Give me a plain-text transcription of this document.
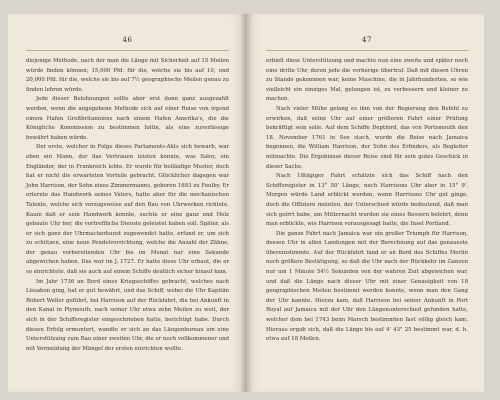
46

diejenige Methode, nach der man die Länge mit Sicherheit auf 15 Meilen würde finden können; 15,000 Pfd. für die, welche sie bis auf 10, und 20,000 Pfd. für die, welche sie bis auf 7½ geographische Meilen genau zu finden lehren würde.

Jede dieser Belohnungen sollte aber erst dann ganz ausgezahlt werden, wenn die angegebene Methode sich auf einer Reise von irgend einem Hafen Großbritanniens nach einem Hafen Amerika's, die die Königliche Kommission zu bestimmen hätte, als eine zuverlässige bewährt haben würde.

Der erste, welcher in Folge dieses Parlaments-Akts sich bewarb, war eben ein Mann, der das Vertrauen leisten konnte, was Saloy, ein Engländer, der in Frankreich lebte. Er wurde für beiläufige Muster, doch hat er nicht die erwarteten Vorteile gebracht. Glücklicher dagegen war John Harrison, der Sohn eines Zimmermanns, geboren 1693 zu Foulby. Er erlernte das Handwerk seines Vaters, hatte aber für die mechanischen Talente, welche sich vorzugsweise auf den Bau von Uhrwerken richtete. Kaum daß er sein Handwerk konnte, suchte er eine ganz und Holz gebaute Uhr her, die vortreffliche Dienste geleistet haben soll. Später, als er sich ganz der Uhrmacherkunst zugewendet hatte, erfand er, um sich zu schützen, eine neue Pendelvorrichtung, welche die Anzahl der Zähne, der genau vorbereitenden Uhr bis im Monat nur eine Sekunde abgewichen haben. Das war im J. 1727. Er hatte diese Uhr erbaut, die er so einrichtete, daß sie auch auf einem Schiffe deutlich sicher hinauf kam.

Im Jahr 1736 an Bord eines Kriegsschiffes gebracht, welches nach Lissabon ging, hat er gut bewährt, und das Schiff, wobei die Uhr Kapitän Robert Weller geführt, bei Harrison auf der Rückfahrt, die bei Ankunft in den Kanal in Plymouth, nach seiner Uhr etwa zehn Meilen zu weit, der sich in der Schiffsregister eingeschrieben hatte, berichtigt habe. Durch diesen Erfolg ermuntert, wandte er sich an das Längenbureau um eine Unterstützung zum Bau einer zweiten Uhr, die er noch vollkommener und mit Vermeidung der Mängel der ersten einrichten wollte.

47

erhielt diese Unterstützung und machte nun eine zweite und später noch eine dritte Uhr, deren jede die vorherige übertraf. Daß mit diesen Uhren zu Stande gekommen war, keine Maschine, die in Jahrhunderten, so wie vielleicht ein einziges Mal, gelungen ist, zu verbessern und kleiner zu machen.

Nach vieler Mühe gelang es ihm von der Regierung den Befehl zu erwirken, daß seine Uhr auf einer größeren Fahrt einer Prüfung bekräftigt sein solle. Auf dem Schiffe Deptford, das von Portsmouth den 18. November 1761 in See stach, wurde die Reise nach Jamaica begonnen, die William Harrison, der Sohn des Erfinders, als Begleiter mitmachte. Die Ergebnisse dieser Reise sind für sein gutes Geschick in dieser Sache.

Nach 18tägiger Fahrt schätzte sich das Schiff nach den Schiffsregister in 13° 50' Länge, nach Harrisons Uhr aber in 15° 9'. Morgen würde Land erblickt werden, wenn Harrisons Uhr gut ginge, doch die Offiziere meinten, der Unterschied würde bedeutend, daß man sich geirrt habe, um Mitternacht wurden sie eines Bessern belehrt, denn man erblickte, wie Harrison vorausgesagt hatte, die Insel Portland.

Die ganze Fahrt nach Jamaica war ein großer Triumph für Harrison, dessen Uhr in allen Landungen mit der Berechnung auf das genaueste übereinstimmte. Auf der Rückfahrt fand er an Bord des Schiffes Merlin noch größere Bestätigung, so daß die Uhr nach der Rückkehr im Ganzen nur um 1 Minute 54½ Sekunden von der wahren Zeit abgewichen war, und daß die Länge nach dieser Uhr mit einer Genauigkeit von 18 geographischen Meilen bestimmt werden konnte, wenn man den Gang der Uhr kannte. Hierzu kam, daß Harrison bei seiner Ankunft in Port Royal auf Jamaica mit der Uhr den Längenunterschied gefunden hatte, welcher dem bei 1743 beim Marsch bestimmten fast völlig gleich kam. Hieraus ergab sich, daß die Länge bis auf 4' 43" 25 bestimmt war, d. h. etwa auf 18 Meilen.
